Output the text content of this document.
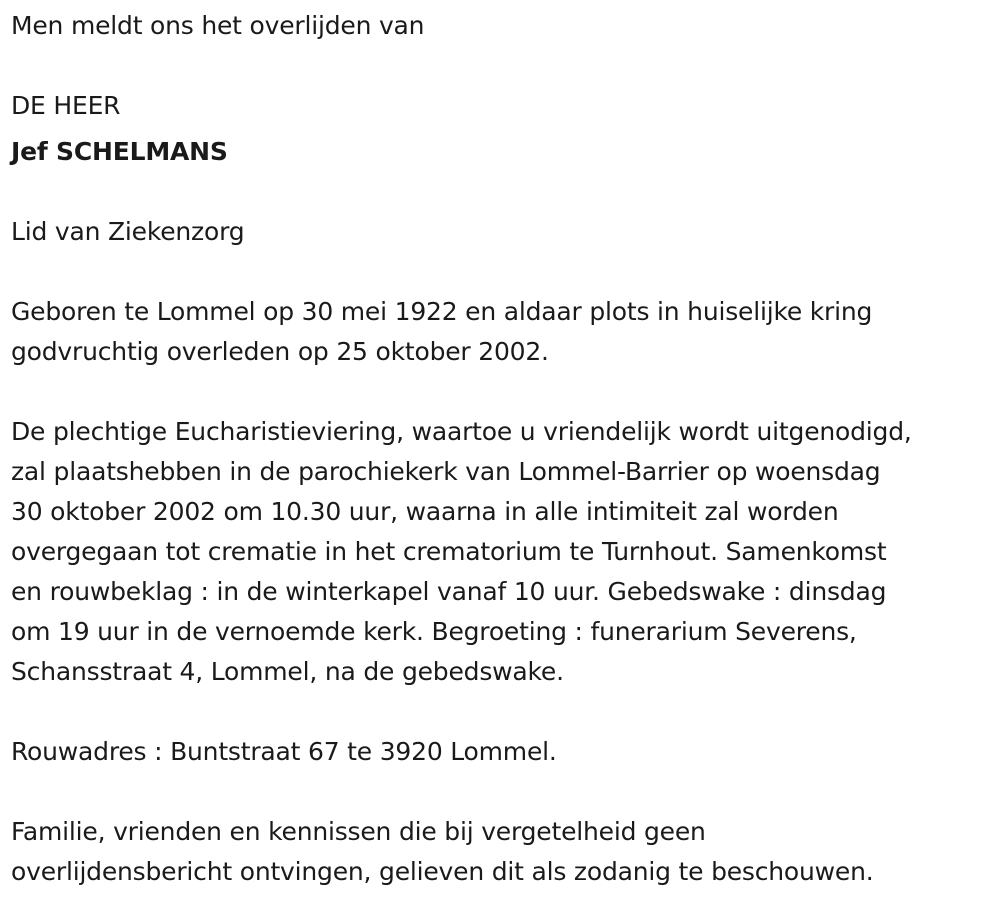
Men meldt ons het overlijden van
DE HEER
Jef SCHELMANS
Lid van Ziekenzorg
Geboren te Lommel op 30 mei 1922 en aldaar plots in huiselijke kring
godvruchtig overleden op 25 oktober 2002.
De plechtige Eucharistieviering, waartoe u vriendelijk wordt uitgenodigd,
zal plaatshebben in de parochiekerk van Lommel-Barrier op woensdag
30 oktober 2002 om 10.30 uur, waarna in alle intimiteit zal worden
overgegaan tot crematie in het crematorium te Turnhout. Samenkomst
en rouwbeklag : in de winterkapel vanaf 10 uur. Gebedswake : dinsdag
om 19 uur in de vernoemde kerk. Begroeting : funerarium Severens,
Schansstraat 4, Lommel, na de gebedswake.
Rouwadres : Buntstraat 67 te 3920 Lommel.
Familie, vrienden en kennissen die bij vergetelheid geen
overlijdensbericht ontvingen, gelieven dit als zodanig te beschouwen.
